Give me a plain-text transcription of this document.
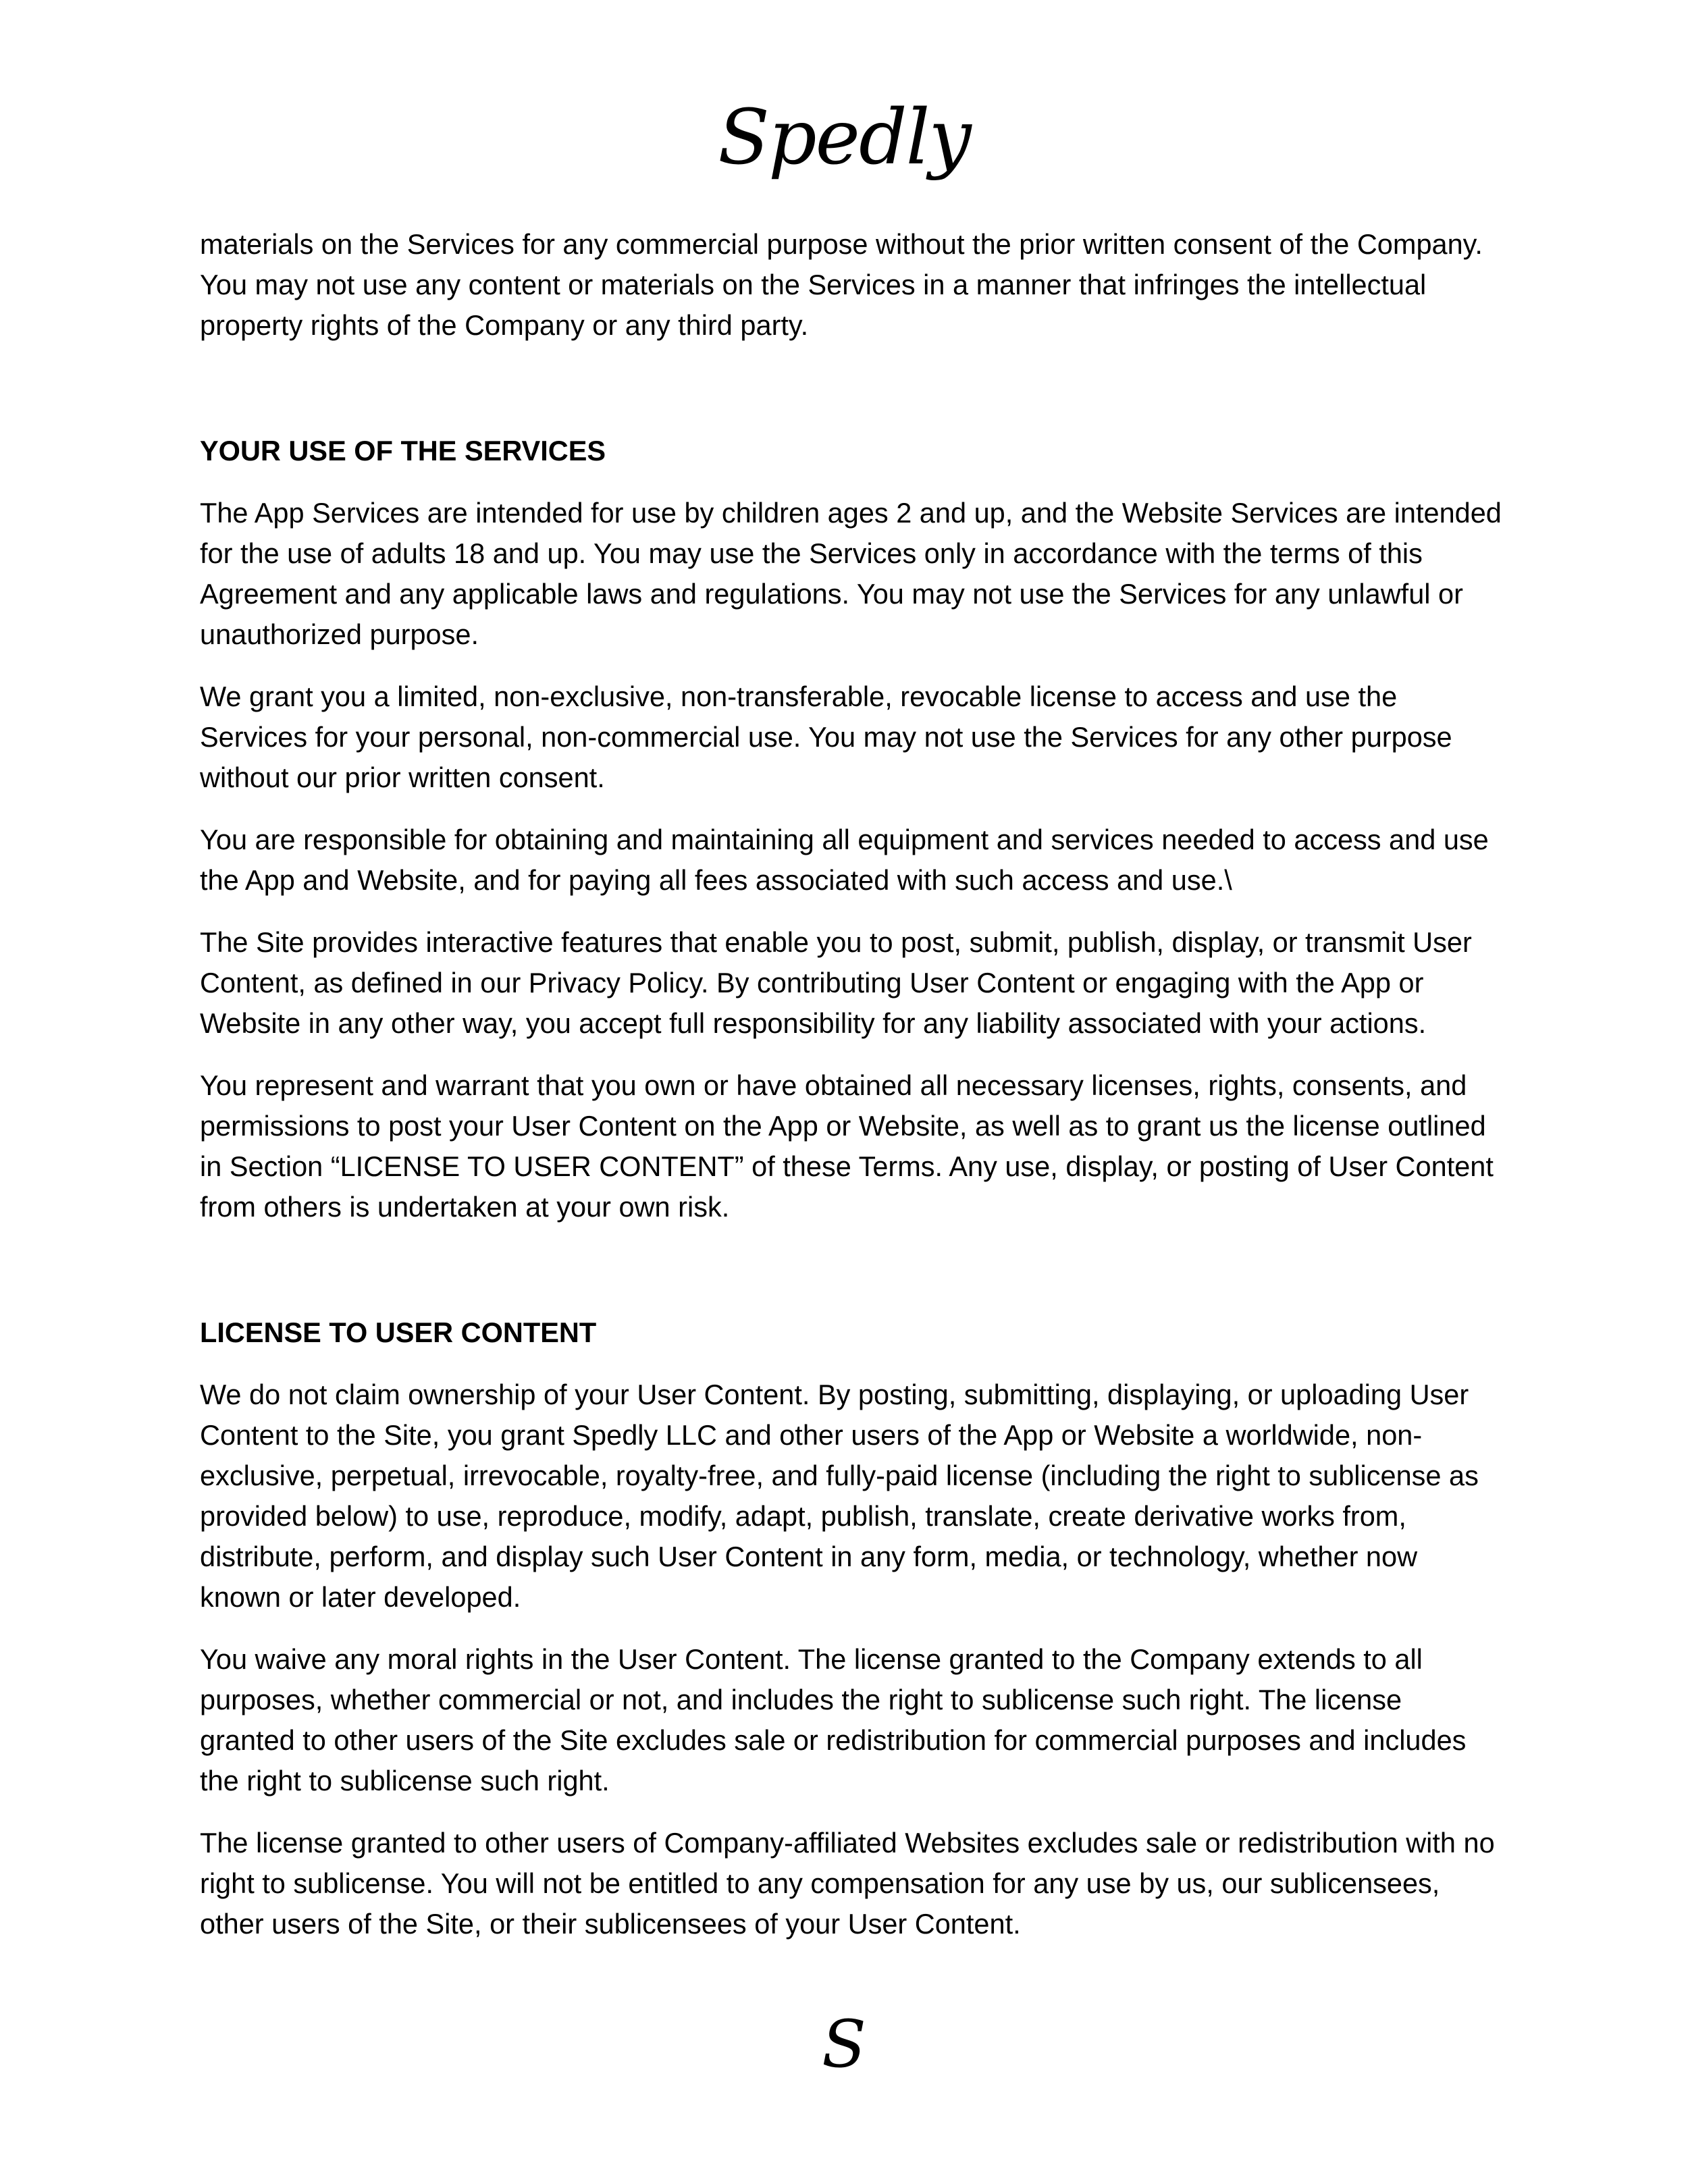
Spedly

materials on the Services for any commercial purpose without the prior written consent of the Company. You may not use any content or materials on the Services in a manner that infringes the intellectual property rights of the Company or any third party.

YOUR USE OF THE SERVICES

The App Services are intended for use by children ages 2 and up, and the Website Services are intended for the use of adults 18 and up. You may use the Services only in accordance with the terms of this Agreement and any applicable laws and regulations. You may not use the Services for any unlawful or unauthorized purpose.

We grant you a limited, non-exclusive, non-transferable, revocable license to access and use the Services for your personal, non-commercial use. You may not use the Services for any other purpose without our prior written consent.

You are responsible for obtaining and maintaining all equipment and services needed to access and use the App and Website, and for paying all fees associated with such access and use.\

The Site provides interactive features that enable you to post, submit, publish, display, or transmit User Content, as defined in our Privacy Policy. By contributing User Content or engaging with the App or Website in any other way, you accept full responsibility for any liability associated with your actions.

You represent and warrant that you own or have obtained all necessary licenses, rights, consents, and permissions to post your User Content on the App or Website, as well as to grant us the license outlined in Section “LICENSE TO USER CONTENT” of these Terms. Any use, display, or posting of User Content from others is undertaken at your own risk.

LICENSE TO USER CONTENT

We do not claim ownership of your User Content. By posting, submitting, displaying, or uploading User Content to the Site, you grant Spedly LLC and other users of the App or Website a worldwide, non-exclusive, perpetual, irrevocable, royalty-free, and fully-paid license (including the right to sublicense as provided below) to use, reproduce, modify, adapt, publish, translate, create derivative works from, distribute, perform, and display such User Content in any form, media, or technology, whether now known or later developed.

You waive any moral rights in the User Content. The license granted to the Company extends to all purposes, whether commercial or not, and includes the right to sublicense such right. The license granted to other users of the Site excludes sale or redistribution for commercial purposes and includes the right to sublicense such right.

The license granted to other users of Company-affiliated Websites excludes sale or redistribution with no right to sublicense. You will not be entitled to any compensation for any use by us, our sublicensees, other users of the Site, or their sublicensees of your User Content.

S
